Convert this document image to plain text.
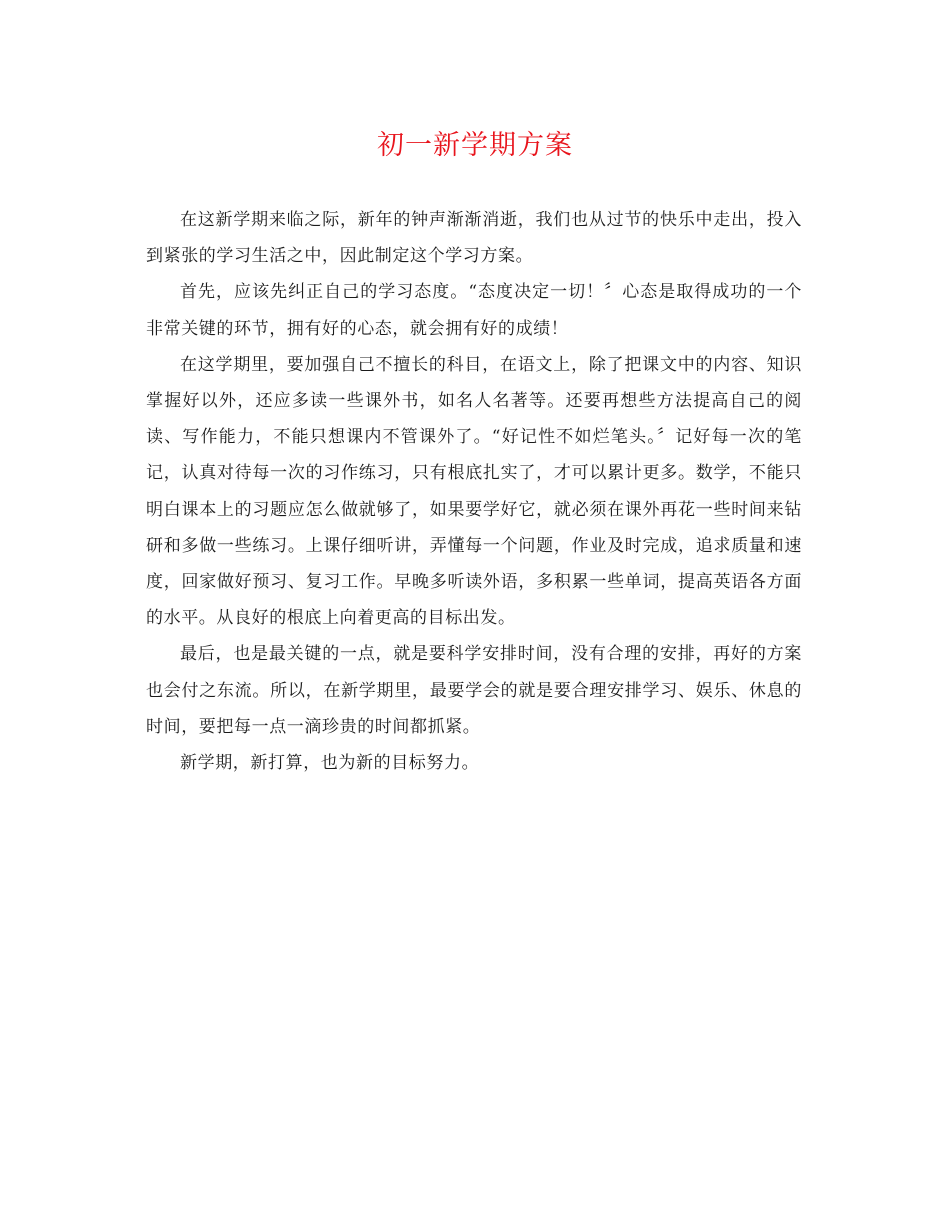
初一新学期方案

在这新学期来临之际，新年的钟声渐渐消逝，我们也从过节的快乐中走出，投入到紧张的学习生活之中，因此制定这个学习方案。

首先，应该先纠正自己的学习态度。“态度决定一切！〞心态是取得成功的一个非常关键的环节，拥有好的心态，就会拥有好的成绩！

在这学期里，要加强自己不擅长的科目，在语文上，除了把课文中的内容、知识掌握好以外，还应多读一些课外书，如名人名著等。还要再想些方法提高自己的阅读、写作能力，不能只想课内不管课外了。“好记性不如烂笔头。〞记好每一次的笔记，认真对待每一次的习作练习，只有根底扎实了，才可以累计更多。数学，不能只明白课本上的习题应怎么做就够了，如果要学好它，就必须在课外再花一些时间来钻研和多做一些练习。上课仔细听讲，弄懂每一个问题，作业及时完成，追求质量和速度，回家做好预习、复习工作。早晚多听读外语，多积累一些单词，提高英语各方面的水平。从良好的根底上向着更高的目标出发。

最后，也是最关键的一点，就是要科学安排时间，没有合理的安排，再好的方案也会付之东流。所以，在新学期里，最要学会的就是要合理安排学习、娱乐、休息的时间，要把每一点一滴珍贵的时间都抓紧。

新学期，新打算，也为新的目标努力。
